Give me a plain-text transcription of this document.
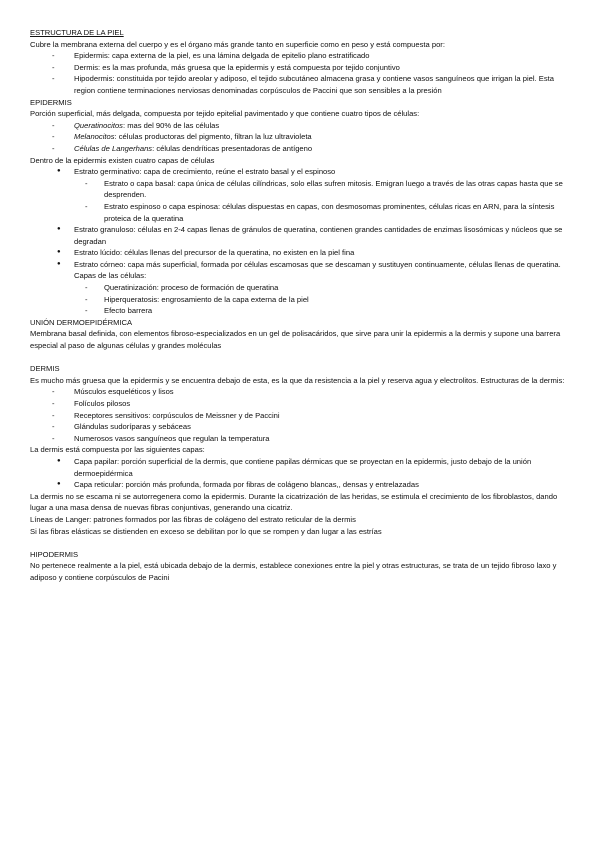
ESTRUCTURA DE LA PIEL

Cubre la membrana externa del cuerpo y es el órgano más grande tanto en superficie como en peso y está compuesta por:

- Epidermis: capa externa de la piel, es una lámina delgada de epitelio plano estratificado
- Dermis: es la mas profunda, más gruesa que la epidermis y está compuesta por tejido conjuntivo
- Hipodermis: constituida por tejido areolar y adiposo, el tejido subcutáneo almacena grasa y contiene vasos sanguíneos que irrigan la piel. Esta region contiene terminaciones nerviosas denominadas corpúsculos de Paccini que son sensibles a la presión

EPIDERMIS

Porción superficial, más delgada, compuesta por tejido epitelial pavimentado y que contiene cuatro tipos de células:

- Queratinocitos: mas del 90% de las células
- Melanocitos: células productoras del pigmento, filtran la luz ultravioleta
- Células de Langerhans: células dendríticas presentadoras de antígeno

Dentro de la epidermis existen cuatro capas de células

● Estrato germinativo: capa de crecimiento, reúne el estrato basal y el espinoso
- Estrato o capa basal: capa única de células cilíndricas, solo ellas sufren mitosis. Emigran luego a través de las otras capas hasta que se desprenden.
- Estrato espinoso o capa espinosa: células dispuestas en capas, con desmosomas prominentes, células ricas en ARN, para la síntesis proteica de la queratina
● Estrato granuloso: células en 2-4 capas llenas de gránulos de queratina, contienen grandes cantidades de enzimas lisosómicas y núcleos que se degradan
● Estrato lúcido: células llenas del precursor de la queratina, no existen en la piel fina
● Estrato córneo: capa más superficial, formada por células escamosas que se descaman y sustituyen continuamente, células llenas de queratina. Capas de las células:
- Queratinización: proceso de formación de queratina
- Hiperqueratosis: engrosamiento de la capa externa de la piel
- Efecto barrera

UNIÓN DERMOEPIDÉRMICA

Membrana basal definida, con elementos fibroso-especializados en un gel de polisacáridos, que sirve para unir la epidermis a la dermis y supone una barrera especial al paso de algunas células y grandes moléculas

DERMIS

Es mucho más gruesa que la epidermis y se encuentra debajo de esta, es la que da resistencia a la piel y reserva agua y electrolitos. Estructuras de la dermis:

- Músculos esqueléticos y lisos
- Folículos pilosos
- Receptores sensitivos: corpúsculos de Meissner y de Paccini
- Glándulas sudoríparas y sebáceas
- Numerosos vasos sanguíneos que regulan la temperatura

La dermis está compuesta por las siguientes capas:

● Capa papilar: porción superficial de la dermis, que contiene papilas dérmicas que se proyectan en la epidermis, justo debajo de la unión dermoepidérmica
● Capa reticular: porción más profunda, formada por fibras de colágeno blancas,, densas y entrelazadas

La dermis no se escama ni se autorregenera como la epidermis. Durante la cicatrización de las heridas, se estimula el crecimiento de los fibroblastos, dando lugar a una masa densa de nuevas fibras conjuntivas, generando una cicatriz.

Líneas de Langer: patrones formados por las fibras de colágeno del estrato reticular de la dermis

Si las fibras elásticas se distienden en exceso se debilitan por lo que se rompen y dan lugar a las estrías

HIPODERMIS

No pertenece realmente a la piel, está ubicada debajo de la dermis, establece conexiones entre la piel y otras estructuras, se trata de un tejido fibroso laxo y adiposo y contiene corpúsculos de Pacini
